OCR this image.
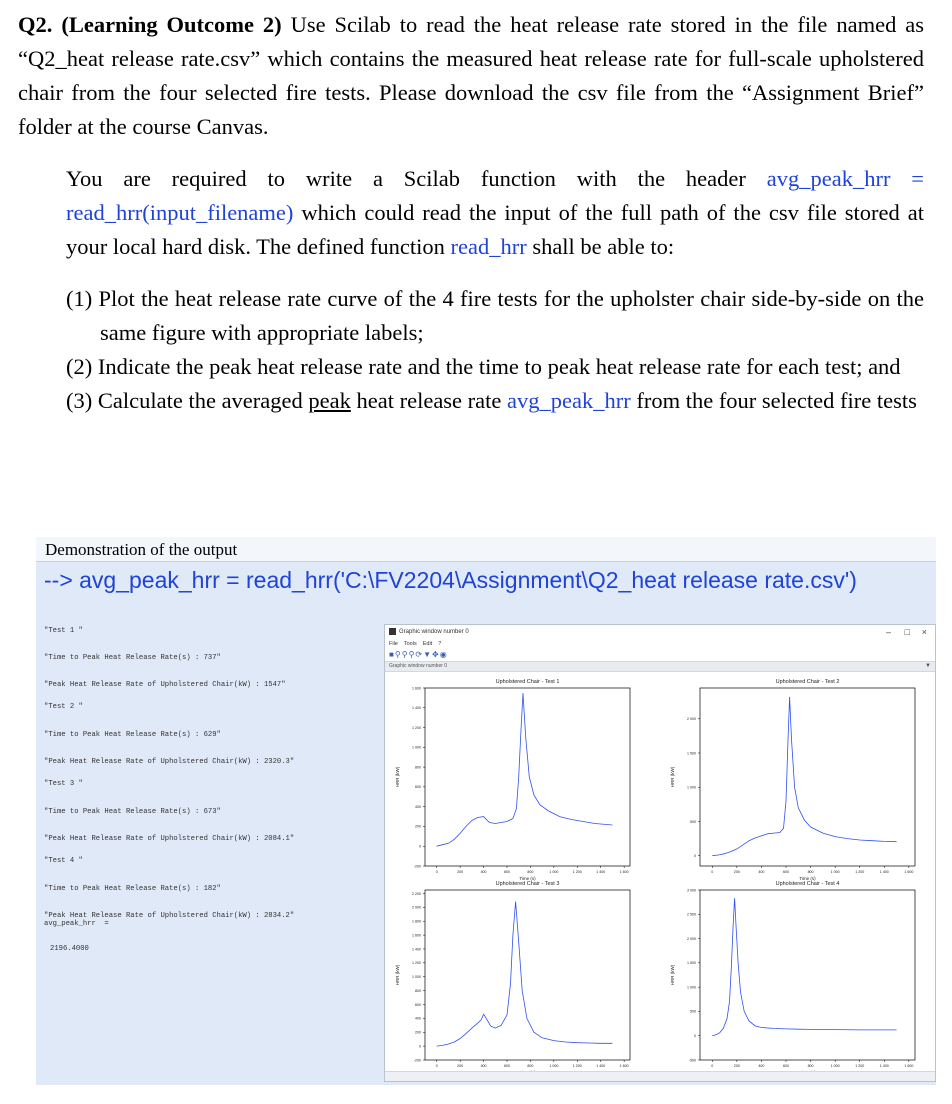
Q2. (Learning Outcome 2) Use Scilab to read the heat release rate stored in the file named as “Q2_heat release rate.csv” which contains the measured heat release rate for full-scale upholstered chair from the four selected fire tests. Please download the csv file from the “Assignment Brief” folder at the course Canvas.

You are required to write a Scilab function with the header avg_peak_hrr = read_hrr(input_filename) which could read the input of the full path of the csv file stored at your local hard disk. The defined function read_hrr shall be able to:

(1) Plot the heat release rate curve of the 4 fire tests for the upholster chair side-by-side on the same figure with appropriate labels;

(2) Indicate the peak heat release rate and the time to peak heat release rate for each test; and

(3) Calculate the averaged peak heat release rate avg_peak_hrr from the four selected fire tests

Demonstration of the output
--> avg_peak_hrr = read_hrr('C:\FV2204\Assignment\Q2_heat release rate.csv')
"Test 1 "
"Time to Peak Heat Release Rate(s) : 737"
"Peak Heat Release Rate of Upholstered Chair(kW) : 1547"
"Test 2 "
"Time to Peak Heat Release Rate(s) : 629"
"Peak Heat Release Rate of Upholstered Chair(kW) : 2320.3"
"Test 3 "
"Time to Peak Heat Release Rate(s) : 673"
"Peak Heat Release Rate of Upholstered Chair(kW) : 2084.1"
"Test 4 "
"Time to Peak Heat Release Rate(s) : 182"
"Peak Heat Release Rate of Upholstered Chair(kW) : 2834.2"
avg_peak_hrr  =
2196.4000
Graphic window number 0	– □ ×
File Tools Edit ?
■⚲⚲⚲⟳▼✥◉
Graphic window number 0	▼
Upholstered Chair - Test 1
Time (s)
HRR (kW)
0	200	400	600	800	1 000	1 200	1 400	1 600
-200
0
200
400
600
800
1 000
1 200
1 400
1 600
Upholstered Chair - Test 2
Time (s)
HRR (kW)
0	200	400	600	800	1 000	1 200	1 400	1 600
0
500
1 000
1 500
2 000
Upholstered Chair - Test 3
HRR (kW)
0	200	400	600	800	1 000	1 200	1 400	1 600
-200
0
200
400
600
800
1 000
1 200
1 400
1 600
1 800
2 000
2 200
Upholstered Chair - Test 4
HRR (kW)
0	200	400	600	800	1 000	1 200	1 400	1 600
-500
0
500
1 000
1 500
2 000
2 500
3 000
